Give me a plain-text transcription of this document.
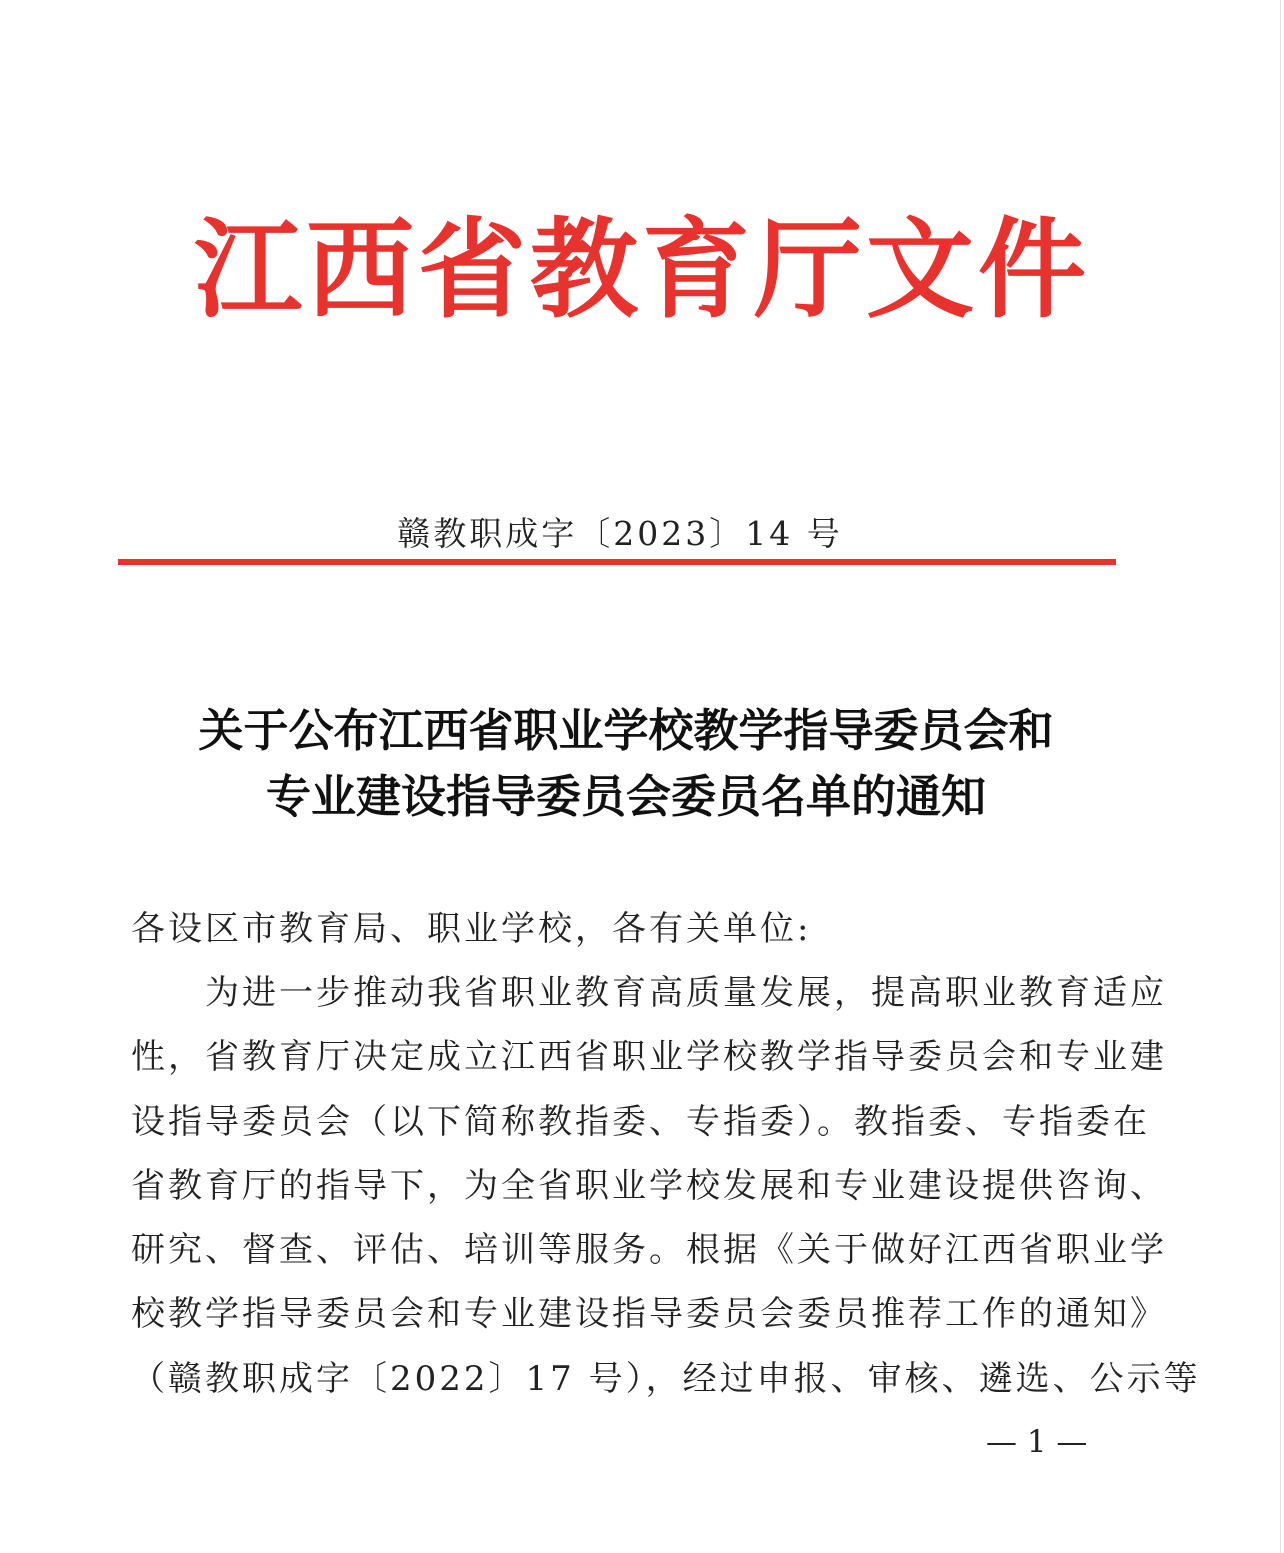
江西省教育厅文件
赣教职成字〔2023〕14 号
关于公布江西省职业学校教学指导委员会和
专业建设指导委员会委员名单的通知
各设区市教育局、职业学校，各有关单位:
为进一步推动我省职业教育高质量发展，提高职业教育适应
性，省教育厅决定成立江西省职业学校教学指导委员会和专业建
设指导委员会（以下简称教指委、专指委）。教指委、专指委在
省教育厅的指导下，为全省职业学校发展和专业建设提供咨询、
研究、督查、评估、培训等服务。根据《关于做好江西省职业学
校教学指导委员会和专业建设指导委员会委员推荐工作的通知》
（赣教职成字〔2022〕17 号），经过申报、审核、遴选、公示等
— 1 —
